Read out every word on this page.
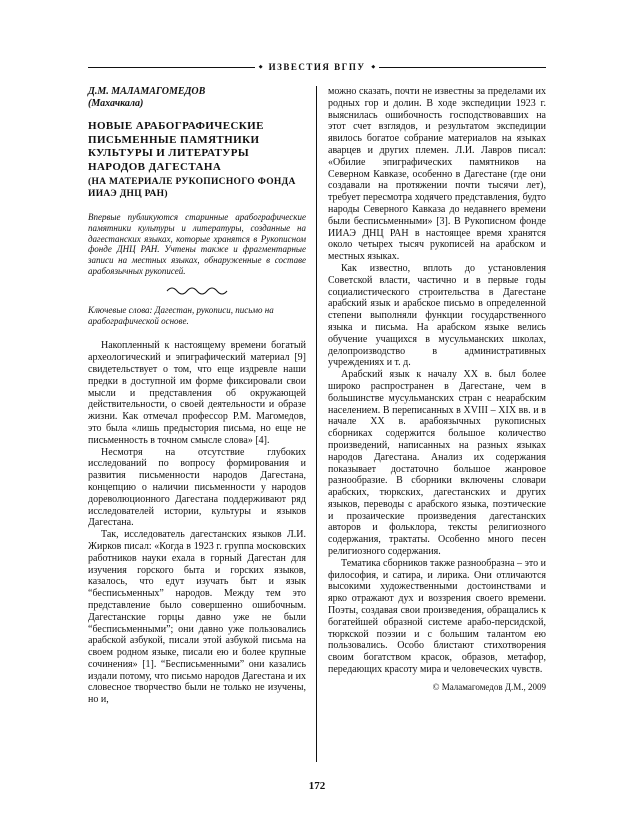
◆ ИЗВЕСТИЯ ВГПУ	◆
Д.М. МАЛАМАГОМЕДОВ
(Махачкала)
НОВЫЕ АРАБОГРАФИЧЕСКИЕ ПИСЬМЕННЫЕ ПАМЯТНИКИ КУЛЬТУРЫ И ЛИТЕРАТУРЫ НАРОДОВ ДАГЕСТАНА
(НА МАТЕРИАЛЕ РУКОПИСНОГО ФОНДА ИИАЭ ДНЦ РАН)

Впервые публикуются старинные арабографические памятники культуры и литературы, созданные на дагестанских языках, которые хранятся в Рукописном фонде ДНЦ РАН. Учтены также и фрагментарные записи на местных языках, обнаруженные в составе арабоязычных рукописей.

Ключевые слова: Дагестан, рукописи, письмо на арабографической основе.

Накопленный к настоящему времени богатый археологический и эпиграфический материал [9] свидетельствует о том, что еще издревле наши предки в доступной им форме фиксировали свои мысли и представления об окружающей действительности, о своей деятельности и образе жизни. Как отмечал профессор Р.М. Магомедов, это была «лишь предыстория письма, но еще не письменность в точном смысле слова» [4].

Несмотря на отсутствие глубоких исследований по вопросу формирования и развития письменности народов Дагестана, концепцию о наличии письменности у народов дореволюционного Дагестана поддерживают ряд исследователей истории, культуры и языков Дагестана.

Так, исследователь дагестанских языков Л.И. Жирков писал: «Когда в 1923 г. группа московских работников науки ехала в горный Дагестан для изучения горского быта и горских языков, казалось, что едут изучать быт и язык “бесписьменных” народов. Между тем это представление было совершенно ошибочным. Дагестанские горцы давно уже не были “бесписьменными”; они давно уже пользовались арабской азбукой, писали этой азбукой письма на своем родном языке, писали ею и более крупные сочинения» [1]. “Бесписьменными” они казались издали потому, что письмо народов Дагестана и их словесное творчество были не только не изучены, но и,

можно сказать, почти не известны за пределами их родных гор и долин. В ходе экспедиции 1923 г. выяснилась ошибочность господствовавших на этот счет взглядов, и результатом экспедиции явилось богатое собрание материалов на языках аварцев и других племен. Л.И. Лавров писал: «Обилие эпиграфических памятников на Северном Кавказе, особенно в Дагестане (где они создавали на протяжении почти тысячи лет), требует пересмотра ходячего представления, будто народы Северного Кавказа до недавнего времени были бесписьменными» [3]. В Рукописном фонде ИИАЭ ДНЦ РАН в настоящее время хранятся около четырех тысяч рукописей на арабском и местных языках.

Как известно, вплоть до установления Советской власти, частично и в первые годы социалистического строительства в Дагестане арабский язык и арабское письмо в определенной степени выполняли функции государственного языка и письма. На арабском языке велись обучение учащихся в мусульманских школах, делопроизводство в административных учреждениях и т. д.

Арабский язык к началу XX в. был более широко распространен в Дагестане, чем в большинстве мусульманских стран с неарабским населением. В переписанных в XVIII – XIX вв. и в начале XX в. арабоязычных рукописных сборниках содержится большое количество произведений, написанных на разных языках народов Дагестана. Анализ их содержания показывает достаточно большое жанровое разнообразие. В сборники включены словари арабских, тюркских, дагестанских и других языков, переводы с арабского языка, поэтические и прозаические произведения дагестанских авторов и фольклора, тексты религиозного содержания, трактаты. Особенно много песен религиозного содержания.

Тематика сборников также разнообразна – это и философия, и сатира, и лирика. Они отличаются высокими художественными достоинствами и ярко отражают дух и воззрения своего времени. Поэты, создавая свои произведения, обращались к богатейшей образной системе арабо-персидской, тюркской поэзии и с большим талантом ею пользовались. Особо блистают стихотворения своим богатством красок, образов, метафор, передающих красоту мира и человеческих чувств.

© Маламагомедов Д.М., 2009
172
